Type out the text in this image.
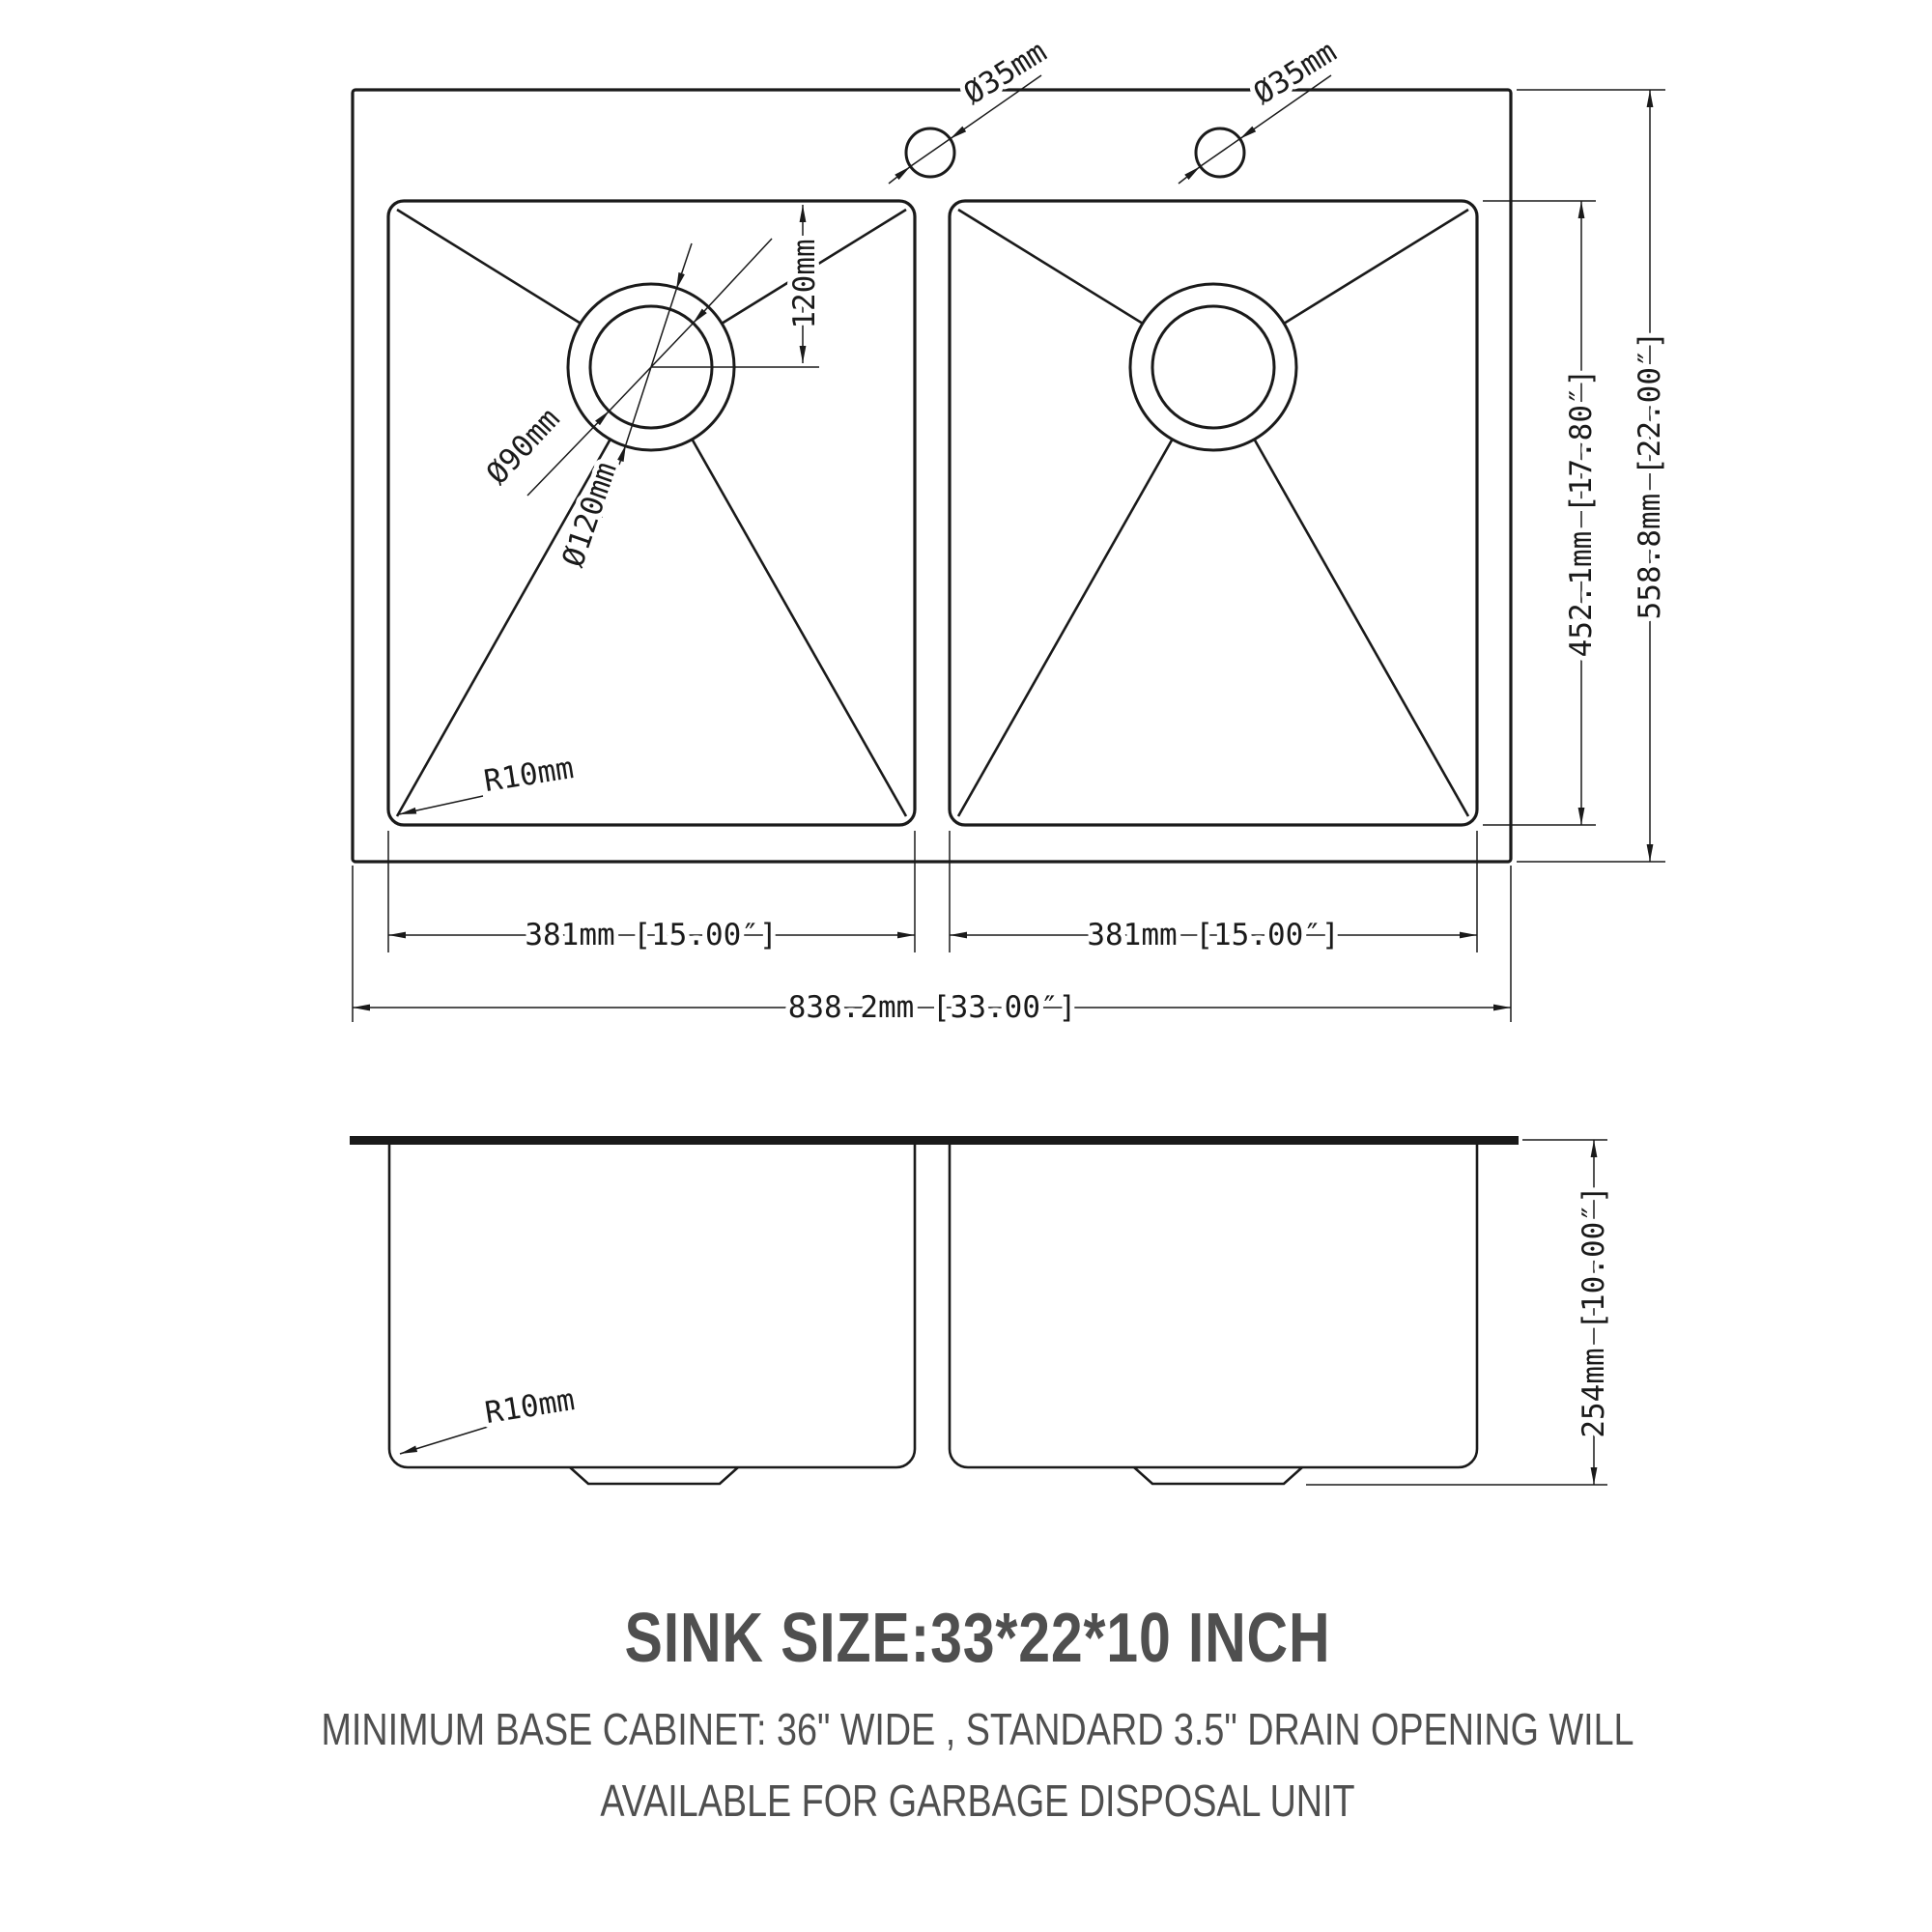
Ø35mm	Ø35mm
Ø90mm
Ø120mm
120mm
R10mm
381mm [15.00″]	381mm [15.00″]
838.2mm [33.00″]
452.1mm [17.80″] 558.8mm [22.00″]
R10mm	254mm [10.00″]
SINK SIZE:33*22*10 INCH
MINIMUM BASE CABINET: 36" WIDE , STANDARD 3.5" DRAIN OPENING WILL
AVAILABLE FOR GARBAGE DISPOSAL UNIT
